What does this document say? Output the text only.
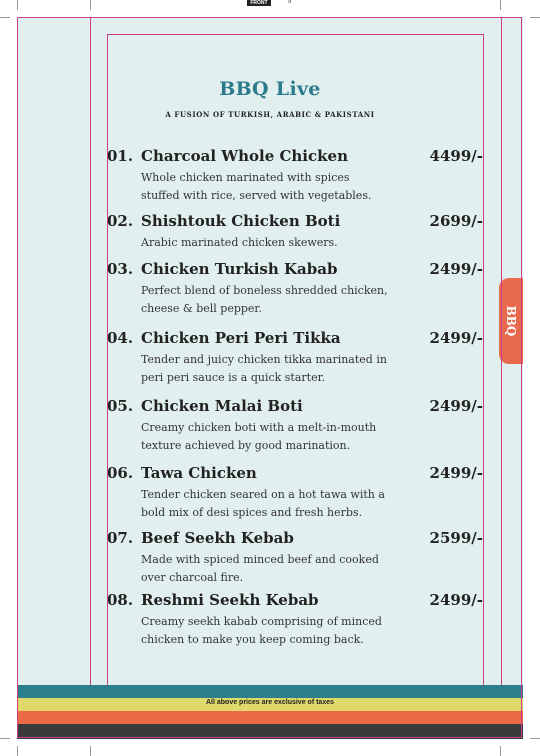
FRONT	9
BBQ Live
A FUSION OF TURKISH, ARABIC & PAKISTANI
01. Charcoal Whole Chicken	4499/-
Whole chicken marinated with spices stuffed with rice, served with vegetables.
02. Shishtouk Chicken Boti	2699/-
Arabic marinated chicken skewers.
03. Chicken Turkish Kabab	2499/-
Perfect blend of boneless shredded chicken, cheese & bell pepper.
04. Chicken Peri Peri Tikka	2499/-
Tender and juicy chicken tikka marinated in peri peri sauce is a quick starter.
05. Chicken Malai Boti	2499/-
Creamy chicken boti with a melt-in-mouth texture achieved by good marination.
06. Tawa Chicken	2499/-
Tender chicken seared on a hot tawa with a bold mix of desi spices and fresh herbs.
07. Beef Seekh Kebab	2599/-
Made with spiced minced beef and cooked over charcoal fire.
08. Reshmi Seekh Kebab	2499/-
Creamy seekh kabab comprising of minced chicken to make you keep coming back.
BBQ
All above prices are exclusive of taxes
